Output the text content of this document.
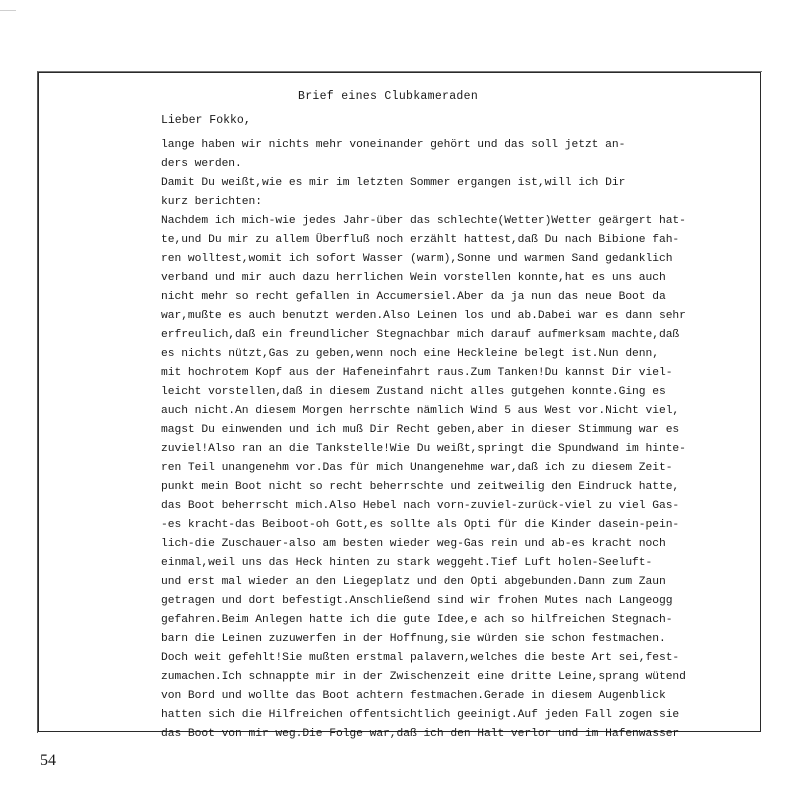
Brief eines Clubkameraden
Lieber Fokko,
lange haben wir nichts mehr voneinander gehört und das soll jetzt an-
ders werden.
Damit Du weißt,wie es mir im letzten Sommer ergangen ist,will ich Dir
kurz berichten:
Nachdem ich mich-wie jedes Jahr-über das schlechte(Wetter)Wetter geärgert hat-
te,und Du mir zu allem Überfluß noch erzählt hattest,daß Du nach Bibione fah-
ren wolltest,womit ich sofort Wasser (warm),Sonne und warmen Sand gedanklich
verband und mir auch dazu herrlichen Wein vorstellen konnte,hat es uns auch
nicht mehr so recht gefallen in Accumersiel.Aber da ja nun das neue Boot da
war,mußte es auch benutzt werden.Also Leinen los und ab.Dabei war es dann sehr
erfreulich,daß ein freundlicher Stegnachbar mich darauf aufmerksam machte,daß
es nichts nützt,Gas zu geben,wenn noch eine Heckleine belegt ist.Nun denn,
mit hochrotem Kopf aus der Hafeneinfahrt raus.Zum Tanken!Du kannst Dir viel-
leicht vorstellen,daß in diesem Zustand nicht alles gutgehen konnte.Ging es
auch nicht.An diesem Morgen herrschte nämlich Wind 5 aus West vor.Nicht viel,
magst Du einwenden und ich muß Dir Recht geben,aber in dieser Stimmung war es
zuviel!Also ran an die Tankstelle!Wie Du weißt,springt die Spundwand im hinte-
ren Teil unangenehm vor.Das für mich Unangenehme war,daß ich zu diesem Zeit-
punkt mein Boot nicht so recht beherrschte und zeitweilig den Eindruck hatte,
das Boot beherrscht mich.Also Hebel nach vorn-zuviel-zurück-viel zu viel Gas-
-es kracht-das Beiboot-oh Gott,es sollte als Opti für die Kinder dasein-pein-
lich-die Zuschauer-also am besten wieder weg-Gas rein und ab-es kracht noch
einmal,weil uns das Heck hinten zu stark weggeht.Tief Luft holen-Seeluft-
und erst mal wieder an den Liegeplatz und den Opti abgebunden.Dann zum Zaun
getragen und dort befestigt.Anschließend sind wir frohen Mutes nach Langeogg
gefahren.Beim Anlegen hatte ich die gute Idee,e ach so hilfreichen Stegnach-
barn die Leinen zuzuwerfen in der Hoffnung,sie würden sie schon festmachen.
Doch weit gefehlt!Sie mußten erstmal palavern,welches die beste Art sei,fest-
zumachen.Ich schnappte mir in der Zwischenzeit eine dritte Leine,sprang wütend
von Bord und wollte das Boot achtern festmachen.Gerade in diesem Augenblick
hatten sich die Hilfreichen offentsichtlich geeinigt.Auf jeden Fall zogen sie
das Boot von mir weg.Die Folge war,daß ich den Halt verlor und im Hafenwasser
54
